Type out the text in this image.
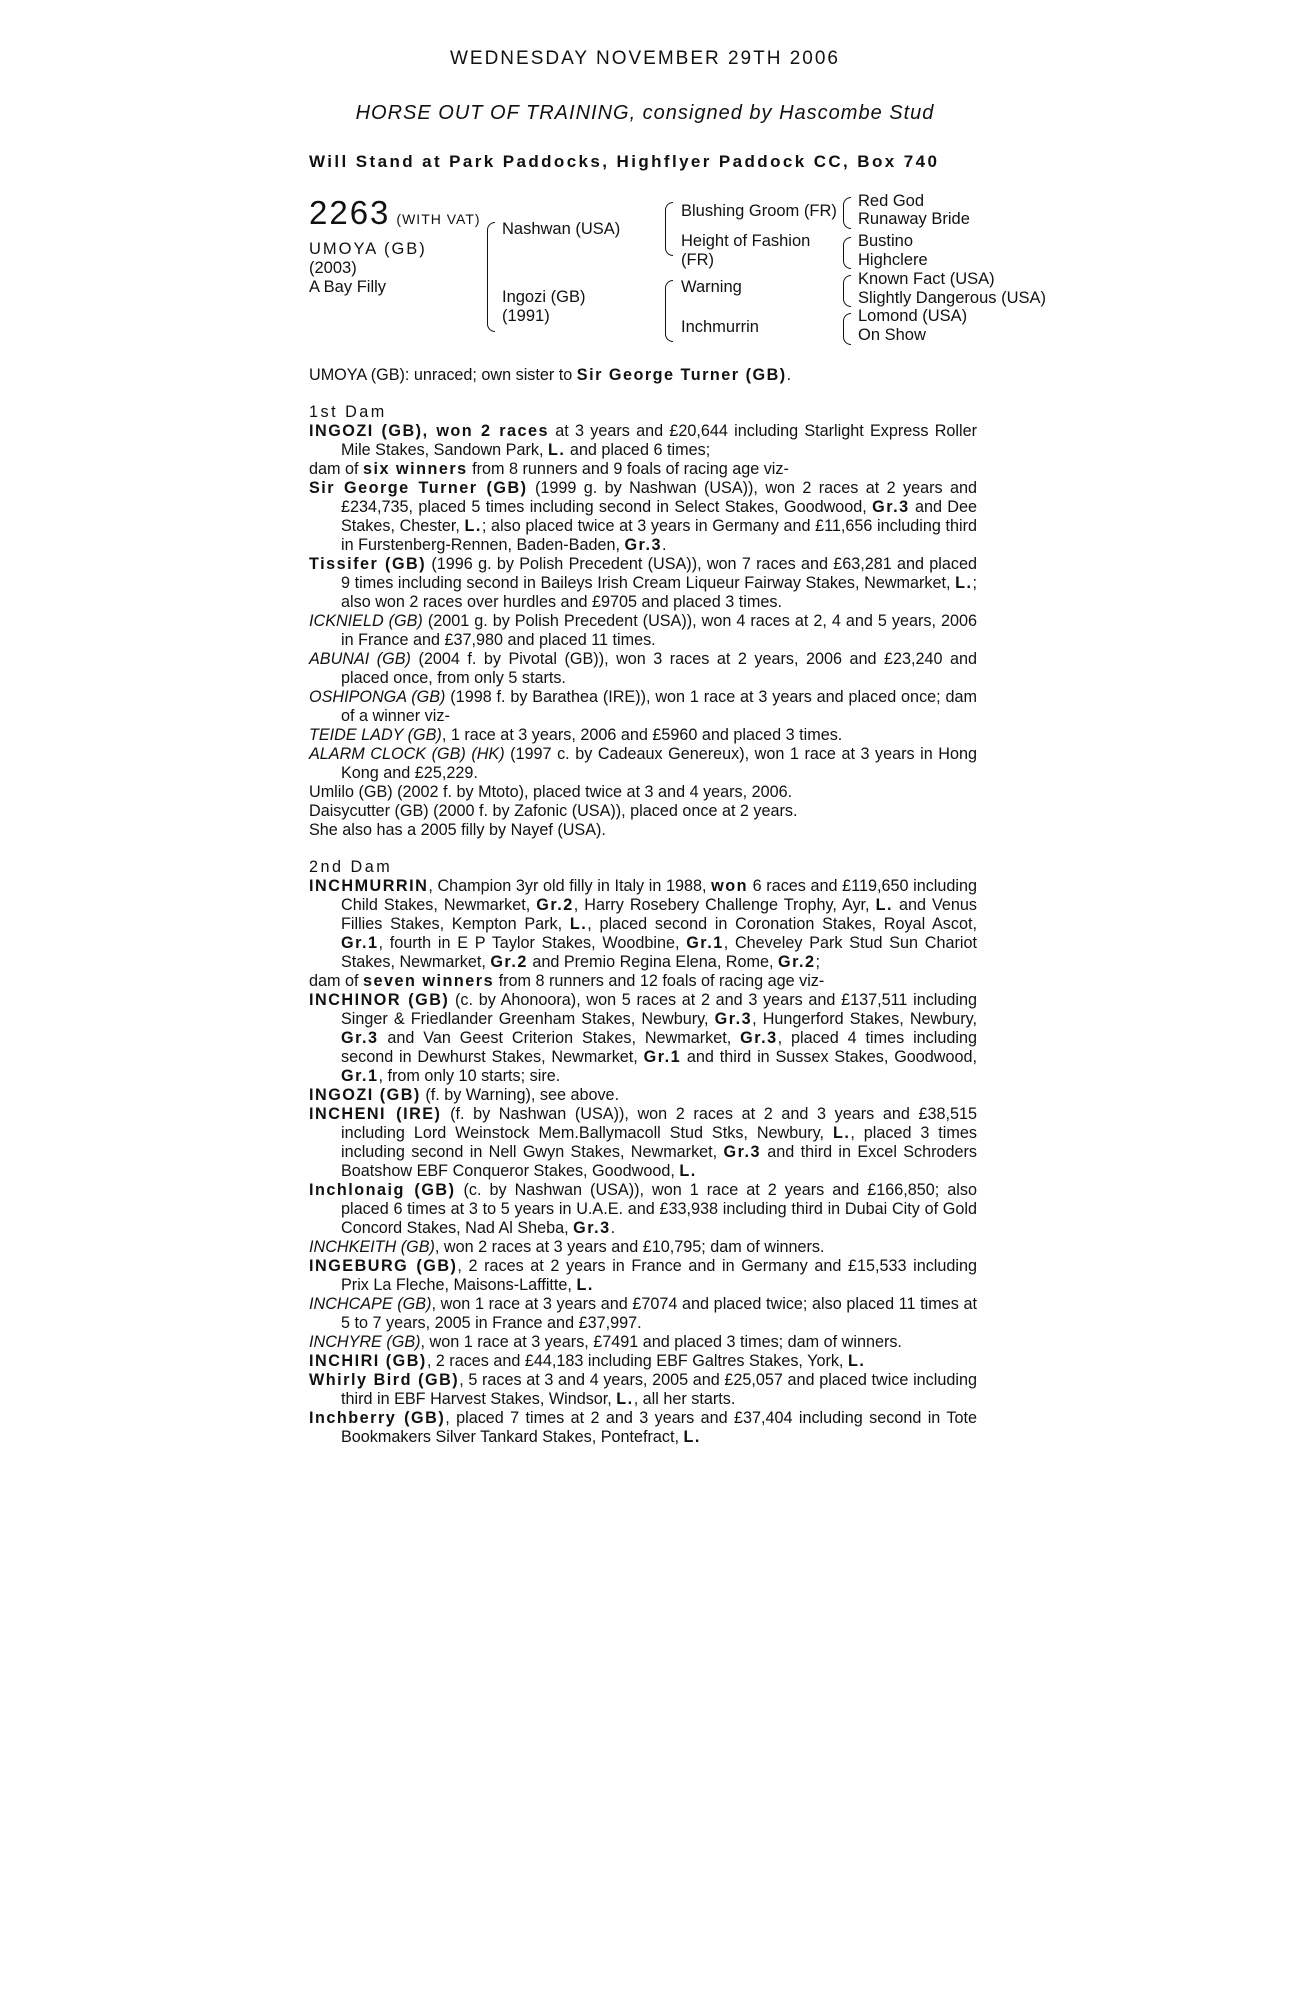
WEDNESDAY NOVEMBER 29TH 2006
HORSE OUT OF TRAINING, consigned by Hascombe Stud
Will Stand at Park Paddocks, Highflyer Paddock CC, Box 740
2263 (WITH VAT)
UMOYA (GB)
(2003)
A Bay Filly
Nashwan (USA)
Ingozi (GB)
(1991)
Blushing Groom (FR)
Height of Fashion
(FR)
Warning
Inchmurrin
Red God
Runaway Bride
Bustino
Highclere
Known Fact (USA)
Slightly Dangerous (USA)
Lomond (USA)
On Show
UMOYA (GB): unraced; own sister to Sir George Turner (GB).

1st Dam

INGOZI (GB), won 2 races at 3 years and £20,644 including Starlight Express Roller Mile Stakes, Sandown Park, L. and placed 6 times;

dam of six winners from 8 runners and 9 foals of racing age viz-

Sir George Turner (GB) (1999 g. by Nashwan (USA)), won 2 races at 2 years and £234,735, placed 5 times including second in Select Stakes, Goodwood, Gr.3 and Dee Stakes, Chester, L.; also placed twice at 3 years in Germany and £11,656 including third in Furstenberg-Rennen, Baden-Baden, Gr.3.

Tissifer (GB) (1996 g. by Polish Precedent (USA)), won 7 races and £63,281 and placed 9 times including second in Baileys Irish Cream Liqueur Fairway Stakes, Newmarket, L.; also won 2 races over hurdles and £9705 and placed 3 times.

ICKNIELD (GB) (2001 g. by Polish Precedent (USA)), won 4 races at 2, 4 and 5 years, 2006 in France and £37,980 and placed 11 times.

ABUNAI (GB) (2004 f. by Pivotal (GB)), won 3 races at 2 years, 2006 and £23,240 and placed once, from only 5 starts.

OSHIPONGA (GB) (1998 f. by Barathea (IRE)), won 1 race at 3 years and placed once; dam of a winner viz-

TEIDE LADY (GB), 1 race at 3 years, 2006 and £5960 and placed 3 times.

ALARM CLOCK (GB) (HK) (1997 c. by Cadeaux Genereux), won 1 race at 3 years in Hong Kong and £25,229.

Umlilo (GB) (2002 f. by Mtoto), placed twice at 3 and 4 years, 2006.

Daisycutter (GB) (2000 f. by Zafonic (USA)), placed once at 2 years.

She also has a 2005 filly by Nayef (USA).

2nd Dam

INCHMURRIN, Champion 3yr old filly in Italy in 1988, won 6 races and £119,650 including Child Stakes, Newmarket, Gr.2, Harry Rosebery Challenge Trophy, Ayr, L. and Venus Fillies Stakes, Kempton Park, L., placed second in Coronation Stakes, Royal Ascot, Gr.1, fourth in E P Taylor Stakes, Woodbine, Gr.1, Cheveley Park Stud Sun Chariot Stakes, Newmarket, Gr.2 and Premio Regina Elena, Rome, Gr.2;

dam of seven winners from 8 runners and 12 foals of racing age viz-

INCHINOR (GB) (c. by Ahonoora), won 5 races at 2 and 3 years and £137,511 including Singer & Friedlander Greenham Stakes, Newbury, Gr.3, Hungerford Stakes, Newbury, Gr.3 and Van Geest Criterion Stakes, Newmarket, Gr.3, placed 4 times including second in Dewhurst Stakes, Newmarket, Gr.1 and third in Sussex Stakes, Goodwood, Gr.1, from only 10 starts; sire.

INGOZI (GB) (f. by Warning), see above.

INCHENI (IRE) (f. by Nashwan (USA)), won 2 races at 2 and 3 years and £38,515 including Lord Weinstock Mem.Ballymacoll Stud Stks, Newbury, L., placed 3 times including second in Nell Gwyn Stakes, Newmarket, Gr.3 and third in Excel Schroders Boatshow EBF Conqueror Stakes, Goodwood, L.

Inchlonaig (GB) (c. by Nashwan (USA)), won 1 race at 2 years and £166,850; also placed 6 times at 3 to 5 years in U.A.E. and £33,938 including third in Dubai City of Gold Concord Stakes, Nad Al Sheba, Gr.3.

INCHKEITH (GB), won 2 races at 3 years and £10,795; dam of winners.

INGEBURG (GB), 2 races at 2 years in France and in Germany and £15,533 including Prix La Fleche, Maisons-Laffitte, L.

INCHCAPE (GB), won 1 race at 3 years and £7074 and placed twice; also placed 11 times at 5 to 7 years, 2005 in France and £37,997.

INCHYRE (GB), won 1 race at 3 years, £7491 and placed 3 times; dam of winners.

INCHIRI (GB), 2 races and £44,183 including EBF Galtres Stakes, York, L.

Whirly Bird (GB), 5 races at 3 and 4 years, 2005 and £25,057 and placed twice including third in EBF Harvest Stakes, Windsor, L., all her starts.

Inchberry (GB), placed 7 times at 2 and 3 years and £37,404 including second in Tote Bookmakers Silver Tankard Stakes, Pontefract, L.
